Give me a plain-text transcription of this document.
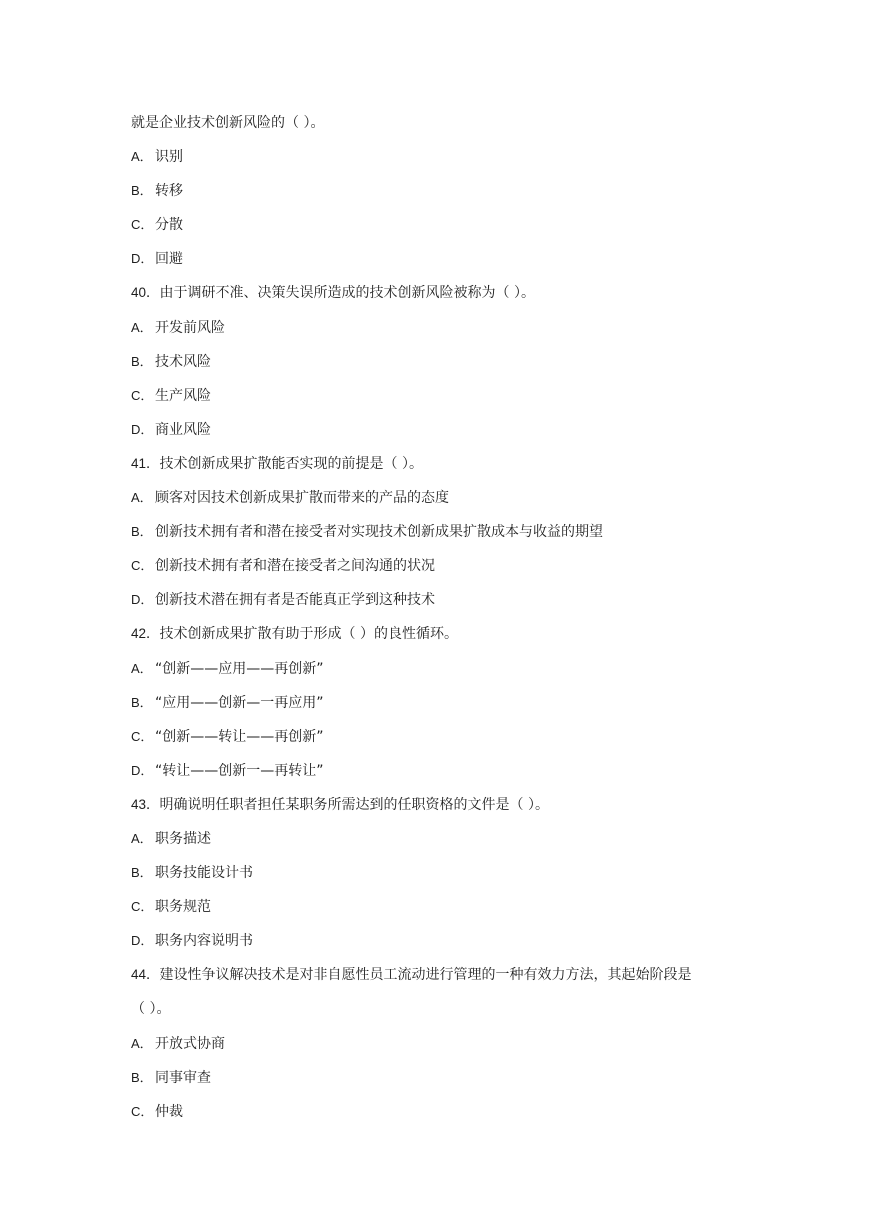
就是企业技术创新风险的（ ）。
A． 识别
B． 转移
C． 分散
D． 回避
40．由于调研不准、决策失误所造成的技术创新风险被称为（ ）。
A． 开发前风险
B． 技术风险
C． 生产风险
D． 商业风险
41．技术创新成果扩散能否实现的前提是（ ）。
A． 顾客对因技术创新成果扩散而带来的产品的态度
B． 创新技术拥有者和潜在接受者对实现技术创新成果扩散成本与收益的期望
C． 创新技术拥有者和潜在接受者之间沟通的状况
D． 创新技术潜在拥有者是否能真正学到这种技术
42．技术创新成果扩散有助于形成（ ）的良性循环。
A． “创新——应用——再创新”
B． “应用——创新—一再应用”
C． “创新——转让——再创新”
D． “转让——创新一—再转让”
43．明确说明任职者担任某职务所需达到的任职资格的文件是（ ）。
A． 职务描述
B． 职务技能设计书
C． 职务规范
D． 职务内容说明书
44．建设性争议解决技术是对非自愿性员工流动进行管理的一种有效力方法，其起始阶段是
（ ）。
A． 开放式协商
B． 同事审查
C． 仲裁
